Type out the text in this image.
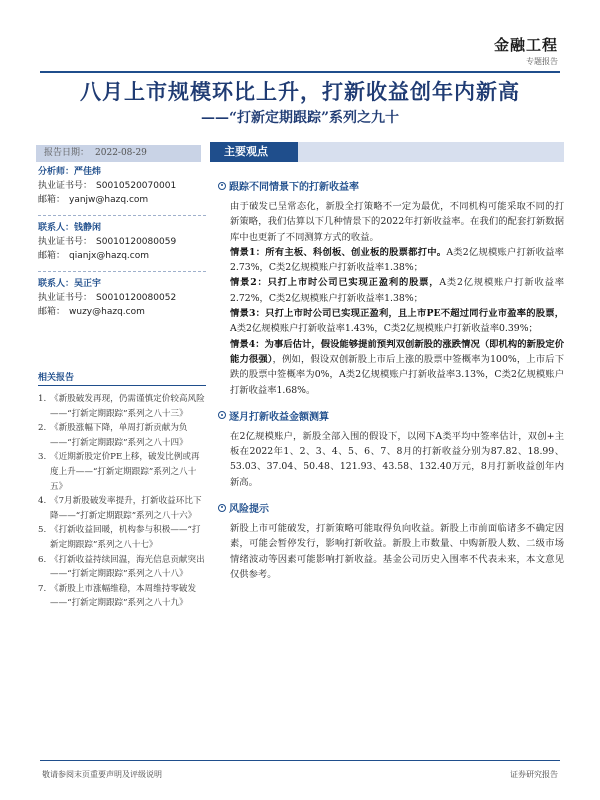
金融工程
专题报告
八月上市规模环比上升，打新收益创年内新高
——“打新定期跟踪”系列之九十
报告日期： 2022-08-29	主要观点
分析师：严佳炜
执业证书号： S0010520070001
邮箱： yanjw@hazq.com
联系人：钱静闲
执业证书号： S0010120080059
邮箱： qianjx@hazq.com
联系人：吴正宇
执业证书号： S0010120080052
邮箱： wuzy@hazq.com
相关报告
1. 《新股破发再现，仍需谨慎定价较高风险——“打新定期跟踪”系列之八十三》
2. 《新股涨幅下降，单周打新贡献为负——“打新定期跟踪”系列之八十四》
3. 《近期新股定价PE上移，破发比例或再度上升——“打新定期跟踪”系列之八十五》
4. 《7月新股破发率提升，打新收益环比下降——“打新定期跟踪”系列之八十六》
5. 《打新收益回暖，机构参与积极——“打新定期跟踪”系列之八十七》
6. 《打新收益持续回温，海光信息贡献突出——“打新定期跟踪”系列之八十八》
7. 《新股上市涨幅维稳，本周维持零破发——“打新定期跟踪”系列之八十九》
跟踪不同情景下的打新收益率
由于破发已呈常态化，新股全打策略不一定为最优，不同机构可能采取不同的打新策略，我们估算以下几种情景下的2022年打新收益率。在我们的配套打新数据库中也更新了不同测算方式的收益。
情景1：所有主板、科创板、创业板的股票都打中。A类2亿规模账户打新收益率2.73%，C类2亿规模账户打新收益率1.38%；
情景2：只打上市时公司已实现正盈利的股票，A类2亿规模账户打新收益率2.72%，C类2亿规模账户打新收益率1.38%；
情景3：只打上市时公司已实现正盈利，且上市PE不超过同行业市盈率的股票，A类2亿规模账户打新收益率1.43%，C类2亿规模账户打新收益率0.39%；
情景4：为事后估计，假设能够提前预判双创新股的涨跌情况（即机构的新股定价能力很强），例如，假设双创新股上市后上涨的股票中签概率为100%，上市后下跌的股票中签概率为0%，A类2亿规模账户打新收益率3.13%，C类2亿规模账户打新收益率1.68%。
逐月打新收益金额测算
在2亿规模账户，新股全部入围的假设下，以网下A类平均中签率估计，双创+主板在2022年1、2、3、4、5、6、7、8月的打新收益分别为87.82、18.99、53.03、37.04、50.48、121.93、43.58、132.40万元，8月打新收益创年内新高。
风险提示
新股上市可能破发，打新策略可能取得负向收益。新股上市前面临诸多不确定因素，可能会暂停发行，影响打新收益。新股上市数量、中购新股人数、二级市场情绪波动等因素可能影响打新收益。基金公司历史入围率不代表未来，本文意见仅供参考。
敬请参阅末页重要声明及评级说明	证券研究报告
